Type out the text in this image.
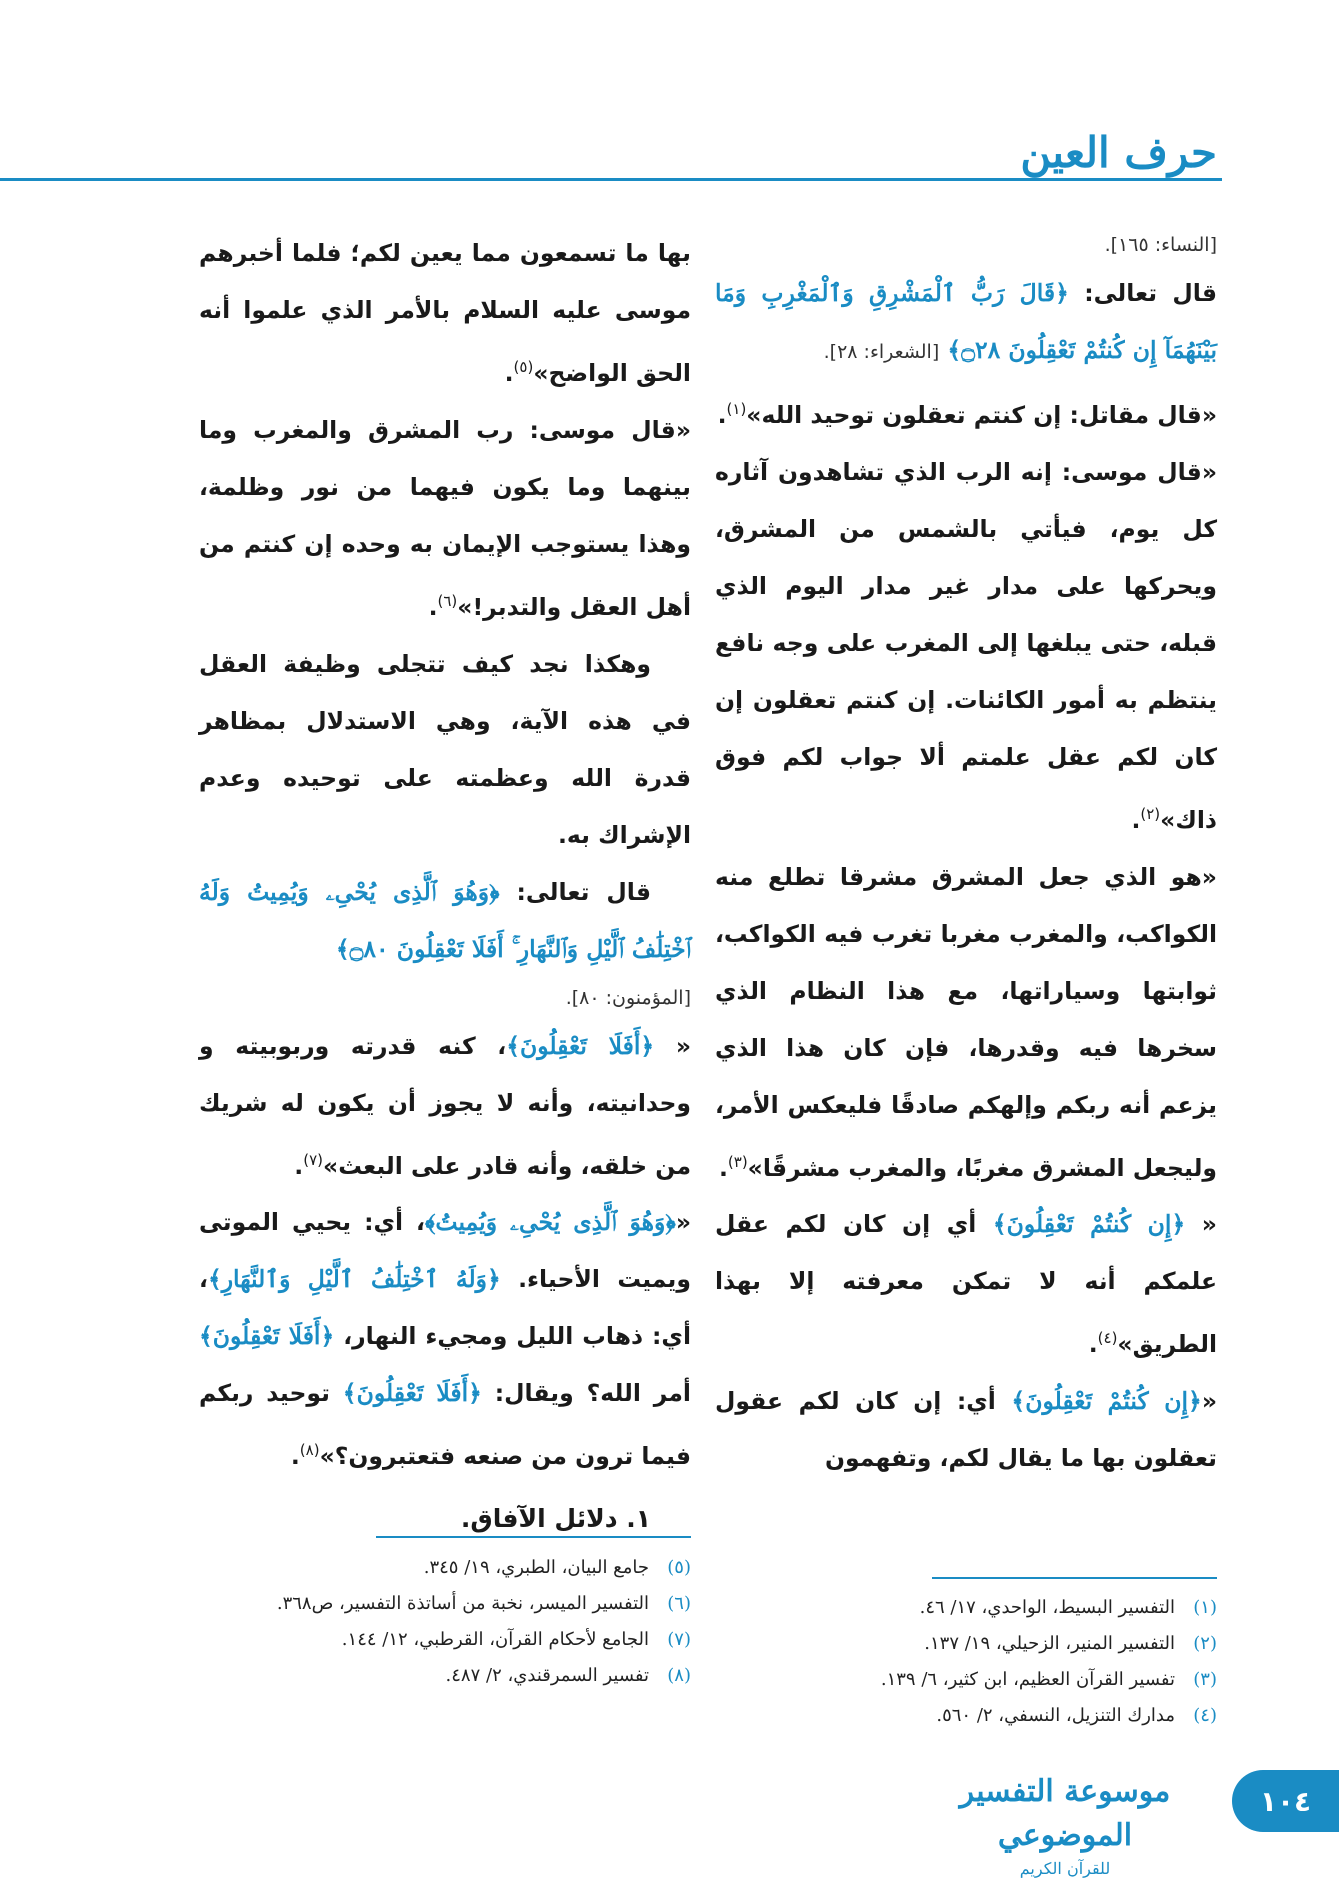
حرف العين

[النساء: ١٦٥].

قال تعالى: ﴿قَالَ رَبُّ ٱلْمَشْرِقِ وَٱلْمَغْرِبِ وَمَا بَيْنَهُمَآ إِن كُنتُمْ تَعْقِلُونَ ۝٢٨﴾ [الشعراء: ٢٨].

«قال مقاتل: إن كنتم تعقلون توحيد الله»$^{(١)}$.

«قال موسى: إنه الرب الذي تشاهدون آثاره كل يوم، فيأتي بالشمس من المشرق، ويحركها على مدار غير مدار اليوم الذي قبله، حتى يبلغها إلى المغرب على وجه نافع ينتظم به أمور الكائنات. إن كنتم تعقلون إن كان لكم عقل علمتم ألا جواب لكم فوق ذاك»$^{(٢)}$.

«هو الذي جعل المشرق مشرقا تطلع منه الكواكب، والمغرب مغربا تغرب فيه الكواكب، ثوابتها وسياراتها، مع هذا النظام الذي سخرها فيه وقدرها، فإن كان هذا الذي يزعم أنه ربكم وإلهكم صادقًا فليعكس الأمر، وليجعل المشرق مغربًا، والمغرب مشرقًا»$^{(٣)}$.

« ﴿إِن كُنتُمْ تَعْقِلُونَ﴾ أي إن كان لكم عقل علمكم أنه لا تمكن معرفته إلا بهذا الطريق»$^{(٤)}$.

«﴿إِن كُنتُمْ تَعْقِلُونَ﴾ أي: إن كان لكم عقول تعقلون بها ما يقال لكم، وتفهمون

بها ما تسمعون مما يعين لكم؛ فلما أخبرهم موسى عليه السلام بالأمر الذي علموا أنه الحق الواضح»$^{(٥)}$.

«قال موسى: رب المشرق والمغرب وما بينهما وما يكون فيهما من نور وظلمة، وهذا يستوجب الإيمان به وحده إن كنتم من أهل العقل والتدبر!»$^{(٦)}$.

وهكذا نجد كيف تتجلى وظيفة العقل في هذه الآية، وهي الاستدلال بمظاهر قدرة الله وعظمته على توحيده وعدم الإشراك به.

قال تعالى: ﴿وَهُوَ ٱلَّذِى يُحْىِۦ وَيُمِيتُ وَلَهُ ٱخْتِلَٰفُ ٱلَّيْلِ وَٱلنَّهَارِ ۚ أَفَلَا تَعْقِلُونَ ۝٨٠﴾

[المؤمنون: ٨٠].

« ﴿أَفَلَا تَعْقِلُونَ﴾، كنه قدرته وربوبيته و وحدانيته، وأنه لا يجوز أن يكون له شريك من خلقه، وأنه قادر على البعث»$^{(٧)}$.

«﴿وَهُوَ ٱلَّذِى يُحْىِۦ وَيُمِيتُ﴾، أي: يحيي الموتى ويميت الأحياء. ﴿وَلَهُ ٱخْتِلَٰفُ ٱلَّيْلِ وَٱلنَّهَارِ﴾، أي: ذهاب الليل ومجيء النهار، ﴿أَفَلَا تَعْقِلُونَ﴾ أمر الله؟ ويقال: ﴿أَفَلَا تَعْقِلُونَ﴾ توحيد ربكم فيما ترون من صنعه فتعتبرون؟»$^{(٨)}$.

١. دلائل الآفاق.

(١)
التفسير البسيط، الواحدي، ١٧/ ٤٦.
(٢)
التفسير المنير، الزحيلي، ١٩/ ١٣٧.
(٣)
تفسير القرآن العظيم، ابن كثير، ٦/ ١٣٩.
(٤)
مدارك التنزيل، النسفي، ٢/ ٥٦٠.
(٥)
جامع البيان، الطبري، ١٩/ ٣٤٥.
(٦)
التفسير الميسر، نخبة من أساتذة التفسير، ص٣٦٨.
(٧)
الجامع لأحكام القرآن، القرطبي، ١٢/ ١٤٤.
(٨)
تفسير السمرقندي، ٢/ ٤٨٧.
موسوعة التفسير الموضوعي
للقرآن الكريم
١٠٤
